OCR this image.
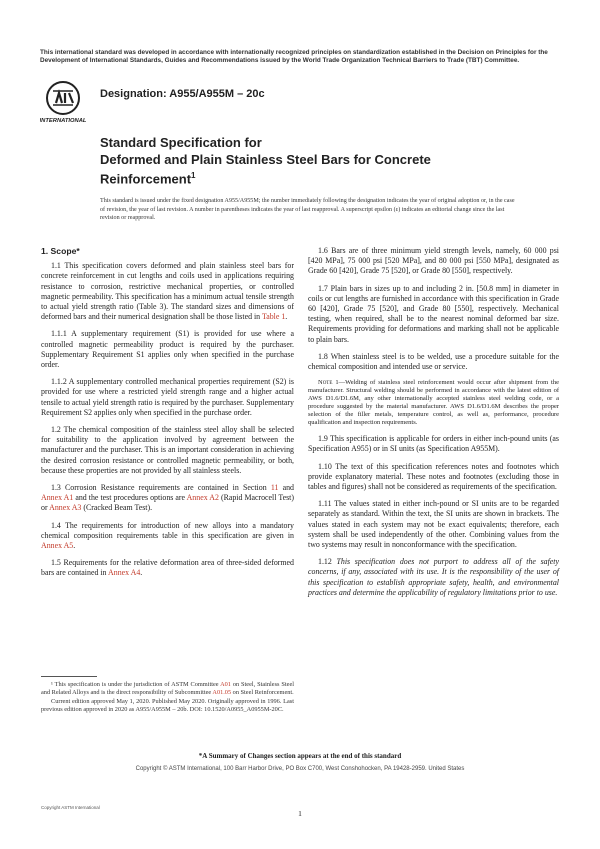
This international standard was developed in accordance with internationally recognized principles on standardization established in the Decision on Principles for the Development of International Standards, Guides and Recommendations issued by the World Trade Organization Technical Barriers to Trade (TBT) Committee.
INTERNATIONAL
Designation: A955/A955M – 20c
Standard Specification for
Deformed and Plain Stainless Steel Bars for Concrete
Reinforcement$^1$
This standard is issued under the fixed designation A955/A955M; the number immediately following the designation indicates the year of original adoption or, in the case of revision, the year of last revision. A number in parentheses indicates the year of last reapproval. A superscript epsilon (ε) indicates an editorial change since the last revision or reapproval.
1. Scope*

1.1 This specification covers deformed and plain stainless steel bars for concrete reinforcement in cut lengths and coils used in applications requiring resistance to corrosion, restrictive mechanical properties, or controlled magnetic permeability. This specification has a minimum actual tensile strength to actual yield strength ratio (Table 3). The standard sizes and dimensions of deformed bars and their numerical designation shall be those listed in Table 1.

1.1.1 A supplementary requirement (S1) is provided for use where a controlled magnetic permeability product is required by the purchaser. Supplementary Requirement S1 applies only when specified in the purchase order.

1.1.2 A supplementary controlled mechanical properties requirement (S2) is provided for use where a restricted yield strength range and a higher actual tensile to actual yield strength ratio is required by the purchaser. Supplementary Requirement S2 applies only when specified in the purchase order.

1.2 The chemical composition of the stainless steel alloy shall be selected for suitability to the application involved by agreement between the manufacturer and the purchaser. This is an important consideration in achieving the desired corrosion resistance or controlled magnetic permeability, or both, because these properties are not provided by all stainless steels.

1.3 Corrosion Resistance requirements are contained in Section 11 and Annex A1 and the test procedures options are Annex A2 (Rapid Macrocell Test) or Annex A3 (Cracked Beam Test).

1.4 The requirements for introduction of new alloys into a mandatory chemical composition requirements table in this specification are given in Annex A5.

1.5 Requirements for the relative deformation area of three-sided deformed bars are contained in Annex A4.

1.6 Bars are of three minimum yield strength levels, namely, 60 000 psi [420 MPa], 75 000 psi [520 MPa], and 80 000 psi [550 MPa], designated as Grade 60 [420], Grade 75 [520], or Grade 80 [550], respectively.

1.7 Plain bars in sizes up to and including 2 in. [50.8 mm] in diameter in coils or cut lengths are furnished in accordance with this specification in Grade 60 [420], Grade 75 [520], and Grade 80 [550], respectively. Mechanical testing, when required, shall be to the nearest nominal deformed bar size. Requirements providing for deformations and marking shall not be applicable to plain bars.

1.8 When stainless steel is to be welded, use a procedure suitable for the chemical composition and intended use or service.

Note 1—Welding of stainless steel reinforcement would occur after shipment from the manufacturer. Structural welding should be performed in accordance with the latest edition of AWS D1.6/D1.6M, any other internationally accepted stainless steel welding code, or a procedure suggested by the material manufacturer. AWS D1.6/D1.6M describes the proper selection of the filler metals, temperature control, as well as, performance, procedure qualification and inspection requirements.

1.9 This specification is applicable for orders in either inch-pound units (as Specification A955) or in SI units (as Specification A955M).

1.10 The text of this specification references notes and footnotes which provide explanatory material. These notes and footnotes (excluding those in tables and figures) shall not be considered as requirements of the specification.

1.11 The values stated in either inch-pound or SI units are to be regarded separately as standard. Within the text, the SI units are shown in brackets. The values stated in each system may not be exact equivalents; therefore, each system shall be used independently of the other. Combining values from the two systems may result in nonconformance with the specification.

1.12 This specification does not purport to address all of the safety concerns, if any, associated with its use. It is the responsibility of the user of this specification to establish appropriate safety, health, and environmental practices and determine the applicability of regulatory limitations prior to use.

¹ This specification is under the jurisdiction of ASTM Committee A01 on Steel, Stainless Steel and Related Alloys and is the direct responsibility of Subcommittee A01.05 on Steel Reinforcement.

Current edition approved May 1, 2020. Published May 2020. Originally approved in 1996. Last previous edition approved in 2020 as A955/A955M – 20b. DOI: 10.1520/A0955_A0955M-20C.

*A Summary of Changes section appears at the end of this standard
Copyright © ASTM International, 100 Barr Harbor Drive, PO Box C700, West Conshohocken, PA 19428-2959. United States
Copyright ASTM International
1
